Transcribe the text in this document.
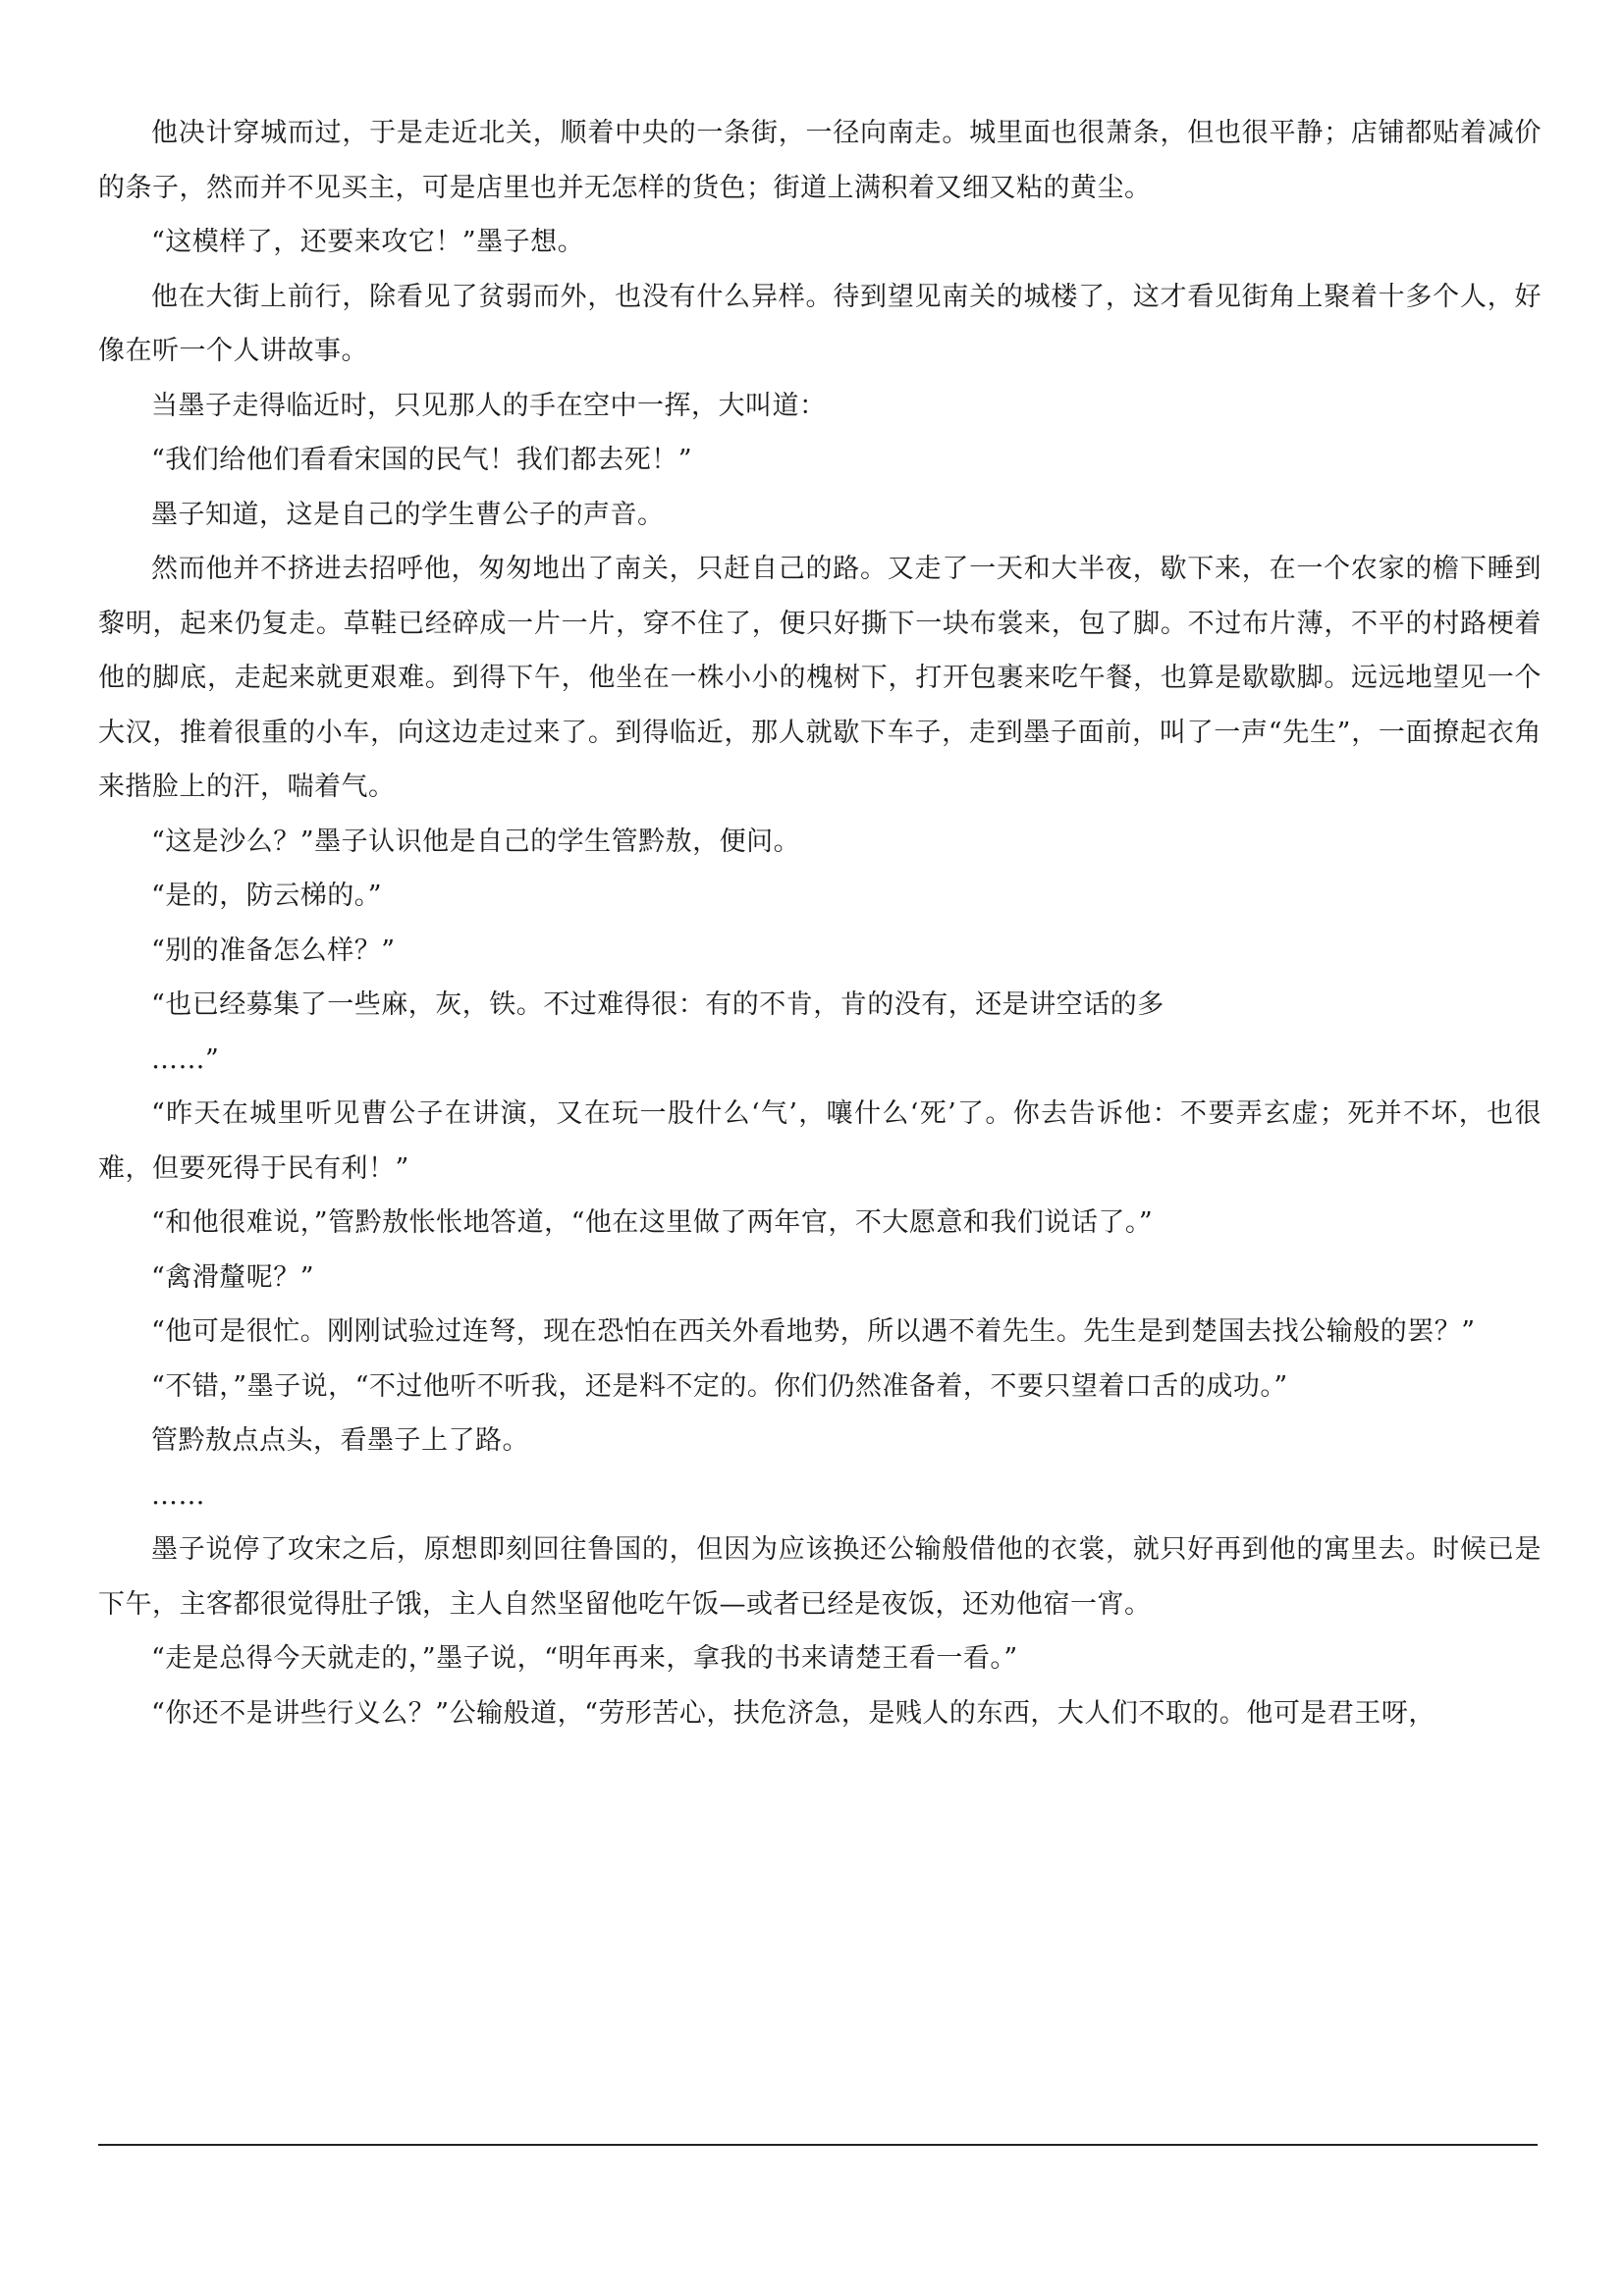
他决计穿城而过，于是走近北关，顺着中央的一条街，一径向南走。城里面也很萧条，但也很平静；店铺都贴着减价的条子，然而并不见买主，可是店里也并无怎样的货色；街道上满积着又细又粘的黄尘。

“这模样了，还要来攻它！”墨子想。

他在大街上前行，除看见了贫弱而外，也没有什么异样。待到望见南关的城楼了，这才看见街角上聚着十多个人，好像在听一个人讲故事。

当墨子走得临近时，只见那人的手在空中一挥，大叫道：

“我们给他们看看宋国的民气！我们都去死！”

墨子知道，这是自己的学生曹公子的声音。

然而他并不挤进去招呼他，匆匆地出了南关，只赶自己的路。又走了一天和大半夜，歇下来，在一个农家的檐下睡到黎明，起来仍复走。草鞋已经碎成一片一片，穿不住了，便只好撕下一块布裳来，包了脚。不过布片薄，不平的村路梗着他的脚底，走起来就更艰难。到得下午，他坐在一株小小的槐树下，打开包裹来吃午餐，也算是歇歇脚。远远地望见一个大汉，推着很重的小车，向这边走过来了。到得临近，那人就歇下车子，走到墨子面前，叫了一声“先生”，一面撩起衣角来揩脸上的汗，喘着气。

“这是沙么？”墨子认识他是自己的学生管黔敖，便问。

“是的，防云梯的。”

“别的准备怎么样？”

“也已经募集了一些麻，灰，铁。不过难得很：有的不肯，肯的没有，还是讲空话的多

……”

“昨天在城里听见曹公子在讲演，又在玩一股什么‘气’，嚷什么‘死’了。你去告诉他：不要弄玄虚；死并不坏，也很难，但要死得于民有利！”

“和他很难说，”管黔敖怅怅地答道，“他在这里做了两年官，不大愿意和我们说话了。”

“禽滑釐呢？”

“他可是很忙。刚刚试验过连弩，现在恐怕在西关外看地势，所以遇不着先生。先生是到楚国去找公输般的罢？”

“不错，”墨子说，“不过他听不听我，还是料不定的。你们仍然准备着，不要只望着口舌的成功。”

管黔敖点点头，看墨子上了路。

……

墨子说停了攻宋之后，原想即刻回往鲁国的，但因为应该换还公输般借他的衣裳，就只好再到他的寓里去。时候已是下午，主客都很觉得肚子饿，主人自然坚留他吃午饭—或者已经是夜饭，还劝他宿一宵。

“走是总得今天就走的，”墨子说，“明年再来，拿我的书来请楚王看一看。”

“你还不是讲些行义么？”公输般道，“劳形苦心，扶危济急，是贱人的东西，大人们不取的。他可是君王呀，
